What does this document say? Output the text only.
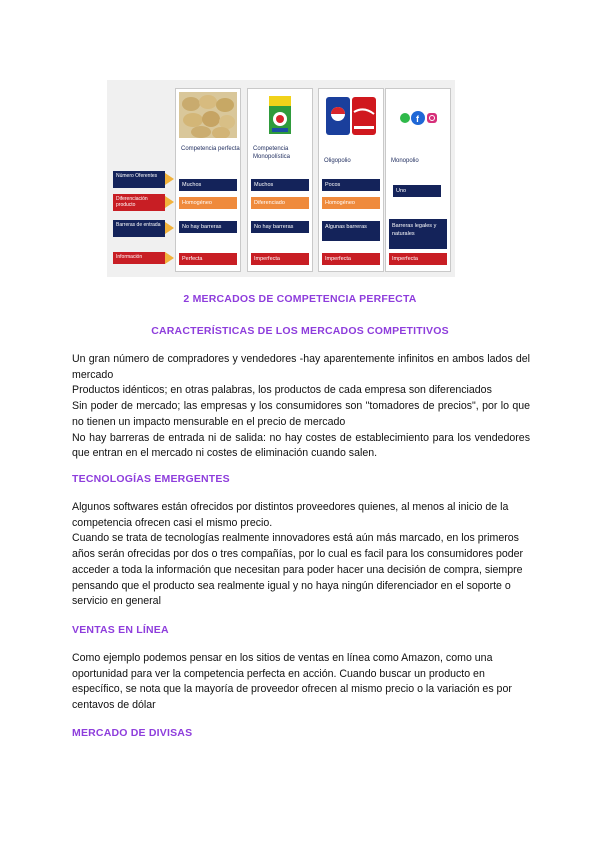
Número Oferentes
Diferenciación producto
Barreras de entrada
Información
Competencia perfecta
Muchos
Homogéneo
No hay barreras
Perfecta
Competencia Monopolística
Muchos
Diferenciado
No hay barreras
Imperfecta
Oligopolio
Pocos
Homogéneo
Algunas barreras
Imperfecta
f
Monopolio
Uno
Barreras legales y naturales
Imperfecta
2 MERCADOS DE COMPETENCIA PERFECTA
CARACTERÍSTICAS DE LOS MERCADOS COMPETITIVOS

Un gran número de compradores y vendedores -hay aparentemente infinitos en ambos lados del mercado

Productos idénticos; en otras palabras, los productos de cada empresa son diferenciados

Sin poder de mercado; las empresas y los consumidores son "tomadores de precios", por lo que no tienen un impacto mensurable en el precio de mercado

No hay barreras de entrada ni de salida: no hay costes de establecimiento para los vendedores que entran en el mercado ni costes de eliminación cuando salen.

TECNOLOGÍAS EMERGENTES

Algunos softwares están ofrecidos por distintos proveedores quienes, al menos al inicio de la competencia ofrecen casi el mismo precio.

Cuando se trata de tecnologías realmente innovadores está aún más marcado, en los primeros años serán ofrecidas por dos o tres compañías, por lo cual es facil para los consumidores poder acceder a toda la información que necesitan para poder hacer una decisión de compra, siempre pensando que el producto sea realmente igual y no haya ningún diferenciador en el soporte o servicio en general

VENTAS EN LÍNEA

Como ejemplo podemos pensar en los sitios de ventas en línea como Amazon, como una oportunidad para ver la competencia perfecta en acción. Cuando buscar un producto en específico, se nota que la mayoría de proveedor ofrecen al mismo precio o la variación es por centavos de dólar

MERCADO DE DIVISAS
